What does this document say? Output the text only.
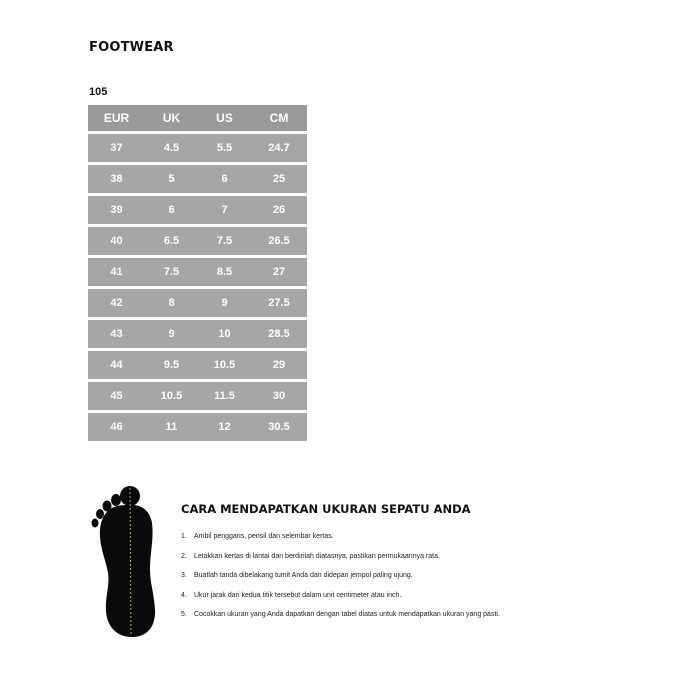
FOOTWEAR
105
EUR	UK	US	CM
37	4.5	5.5	24.7
38	5	6	25
39	6	7	26
40	6.5	7.5	26.5
41	7.5	8.5	27
42	8	9	27.5
43	9	10	28.5
44	9.5	10.5	29
45	10.5	11.5	30
46	11	12	30.5
CARA MENDAPATKAN UKURAN SEPATU ANDA
1. Ambil penggaris, pensil dan selembar kertas.
2. Letakkan kertas di lantai dan berdirilah diatasnya, pastikan permukaannya rata.
3. Buatlah tanda dibelakang tumit Anda dan didepan jempol paling ujung.
4. Ukur jarak dari kedua titik tersebut dalam unit centimeter atau inch.
5. Cocokkan ukuran yang Anda dapatkan dengan tabel diatas untuk mendapatkan ukuran yang pasti.
